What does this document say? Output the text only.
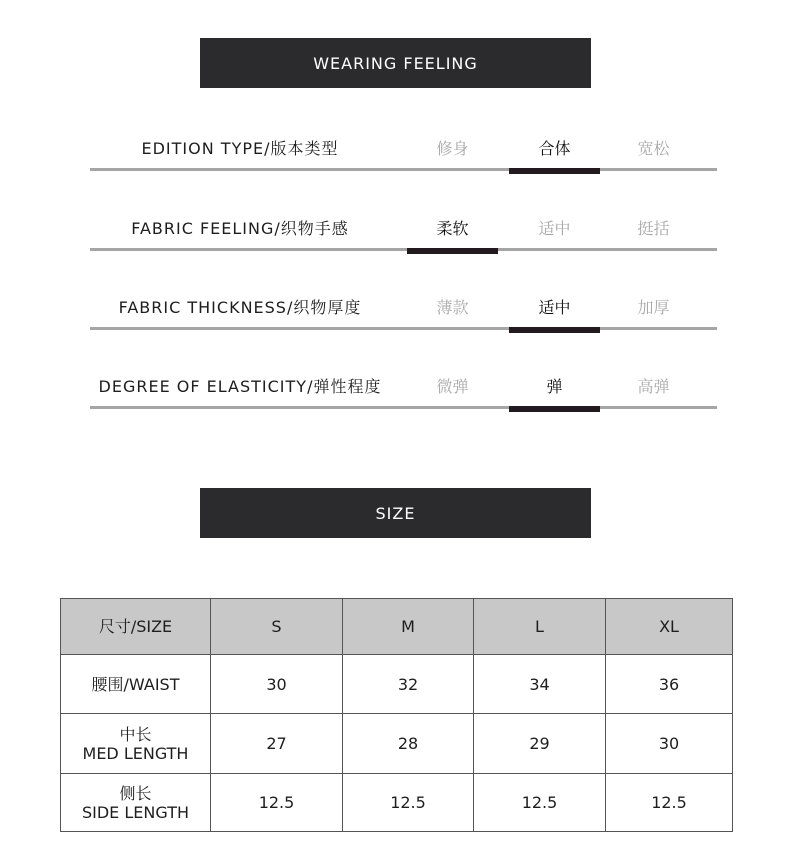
WEARING FEELING
EDITION TYPE/版本类型	修身	合体	宽松
FABRIC FEELING/织物手感	柔软	适中	挺括
FABRIC THICKNESS/织物厚度	薄款	适中	加厚
DEGREE OF ELASTICITY/弹性程度	微弹	弹	高弹
SIZE
尺寸/SIZE	S	M	L	XL

腰围/WAIST	30	32	34	36

中长
MED LENGTH	27	28	29	30

侧长
SIDE LENGTH	12.5	12.5	12.5	12.5
